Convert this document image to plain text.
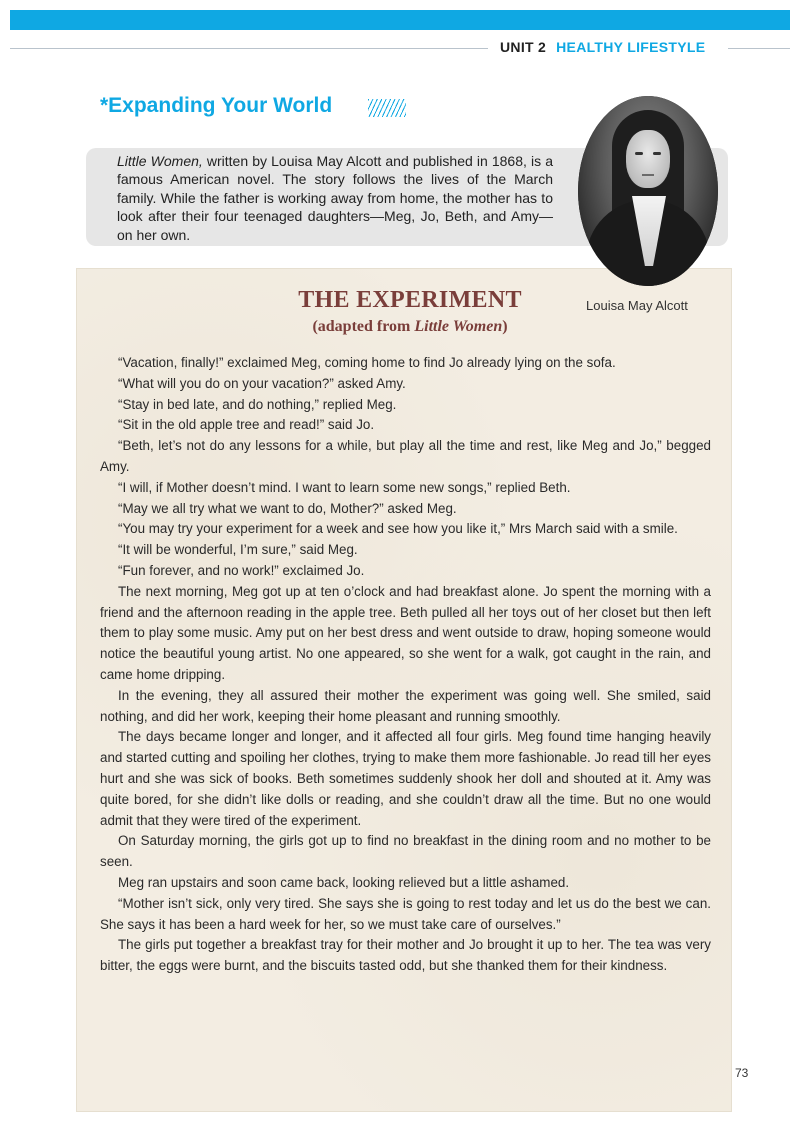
UNIT 2 HEALTHY LIFESTYLE
*Expanding Your World
Little Women, written by Louisa May Alcott and published in 1868, is a famous American novel. The story follows the lives of the March family. While the father is working away from home, the mother has to look after their four teenaged daughters—Meg, Jo, Beth, and Amy—on her own.
THE EXPERIMENT
(adapted from Little Women)
Louisa May Alcott

“Vacation, finally!” exclaimed Meg, coming home to find Jo already lying on the sofa.

“What will you do on your vacation?” asked Amy.

“Stay in bed late, and do nothing,” replied Meg.

“Sit in the old apple tree and read!” said Jo.

“Beth, let’s not do any lessons for a while, but play all the time and rest, like Meg and Jo,” begged Amy.

“I will, if Mother doesn’t mind. I want to learn some new songs,” replied Beth.

“May we all try what we want to do, Mother?” asked Meg.

“You may try your experiment for a week and see how you like it,” Mrs March said with a smile.

“It will be wonderful, I’m sure,” said Meg.

“Fun forever, and no work!” exclaimed Jo.

The next morning, Meg got up at ten o’clock and had breakfast alone. Jo spent the morning with a friend and the afternoon reading in the apple tree. Beth pulled all her toys out of her closet but then left them to play some music. Amy put on her best dress and went outside to draw, hoping someone would notice the beautiful young artist. No one appeared, so she went for a walk, got caught in the rain, and came home dripping.

In the evening, they all assured their mother the experiment was going well. She smiled, said nothing, and did her work, keeping their home pleasant and running smoothly.

The days became longer and longer, and it affected all four girls. Meg found time hanging heavily and started cutting and spoiling her clothes, trying to make them more fashionable. Jo read till her eyes hurt and she was sick of books. Beth sometimes suddenly shook her doll and shouted at it. Amy was quite bored, for she didn’t like dolls or reading, and she couldn’t draw all the time. But no one would admit that they were tired of the experiment.

On Saturday morning, the girls got up to find no breakfast in the dining room and no mother to be seen.

Meg ran upstairs and soon came back, looking relieved but a little ashamed.

“Mother isn’t sick, only very tired. She says she is going to rest today and let us do the best we can. She says it has been a hard week for her, so we must take care of ourselves.”

The girls put together a breakfast tray for their mother and Jo brought it up to her. The tea was very bitter, the eggs were burnt, and the biscuits tasted odd, but she thanked them for their kindness.

73
